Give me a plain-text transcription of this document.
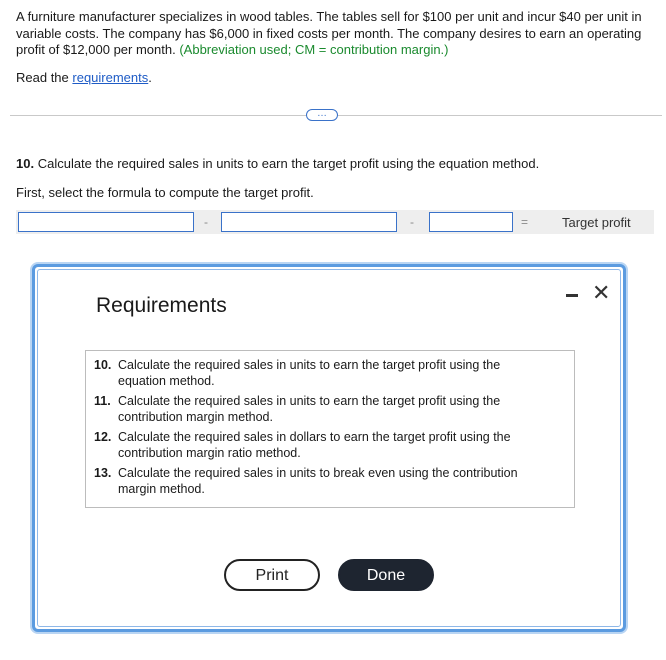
A furniture manufacturer specializes in wood tables. The tables sell for $100 per unit and incur $40 per unit in variable costs. The company has $6,000 in fixed costs per month. The company desires to earn an operating profit of $12,000 per month. (Abbreviation used; CM = contribution margin.)
Read the requirements.
…
10. Calculate the required sales in units to earn the target profit using the equation method.
First, select the formula to compute the target profit.
-	-	=	Target profit
Requirements
✕
10. Calculate the required sales in units to earn the target profit using the equation method.
11. Calculate the required sales in units to earn the target profit using the contribution margin method.
12. Calculate the required sales in dollars to earn the target profit using the contribution margin ratio method.
13. Calculate the required sales in units to break even using the contribution margin method.
Print	Done
